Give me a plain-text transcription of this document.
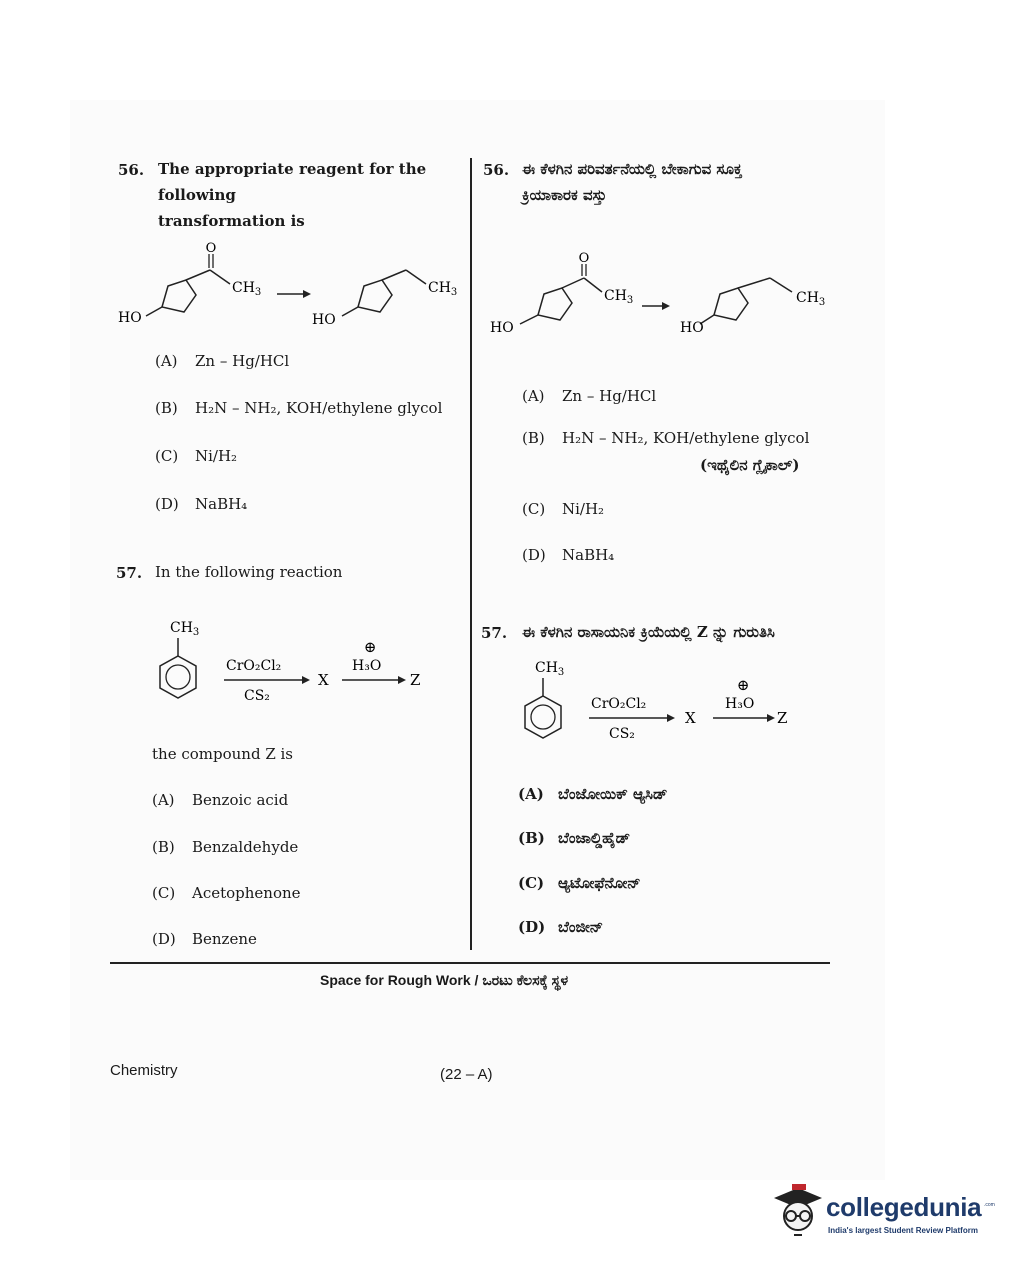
56. The appropriate reagent for the following
transformation is
O
$CH_3$
HO
$CH_3$
HO
(A) Zn – Hg/HCl
(B) H₂N – NH₂, KOH/ethylene glycol
(C) Ni/H₂
(D) NaBH₄
57. In the following reaction
$CH_3$
CrO₂Cl₂
CS₂
X
⊕
H₃O
Z
the compound Z is
(A) Benzoic acid
(B) Benzaldehyde
(C) Acetophenone
(D) Benzene
56. ಈ ಕೆಳಗಿನ ಪರಿವರ್ತನೆಯಲ್ಲಿ ಬೇಕಾಗುವ ಸೂಕ್ತ
ಕ್ರಿಯಾಕಾರಕ ವಸ್ತು
O
$CH_3$
HO
$CH_3$
HO
(A) Zn – Hg/HCl
(B) H₂N – NH₂, KOH/ethylene glycol
(ಇಥೈಲಿನ ಗ್ಲೈಕಾಲ್)
(C) Ni/H₂
(D) NaBH₄
57. ಈ ಕೆಳಗಿನ ರಾಸಾಯನಿಕ ಕ್ರಿಯೆಯಲ್ಲಿ Z ನ್ನು ಗುರುತಿಸಿ
$CH_3$
CrO₂Cl₂
CS₂
X
⊕
H₃O
Z
(A) ಬೆಂಜೋಯಿಕ್ ಆ್ಯಸಿಡ್
(B) ಬೆಂಜಾಲ್ಡಿಹೈಡ್
(C) ಆ್ಯಟೋಫೆನೋನ್
(D) ಬೆಂಜೀನ್
Space for Rough Work / ಒರಟು ಕೆಲಸಕ್ಕೆ ಸ್ಥಳ
Chemistry	(22 – A)
collegedunia .com
India's largest Student Review Platform
